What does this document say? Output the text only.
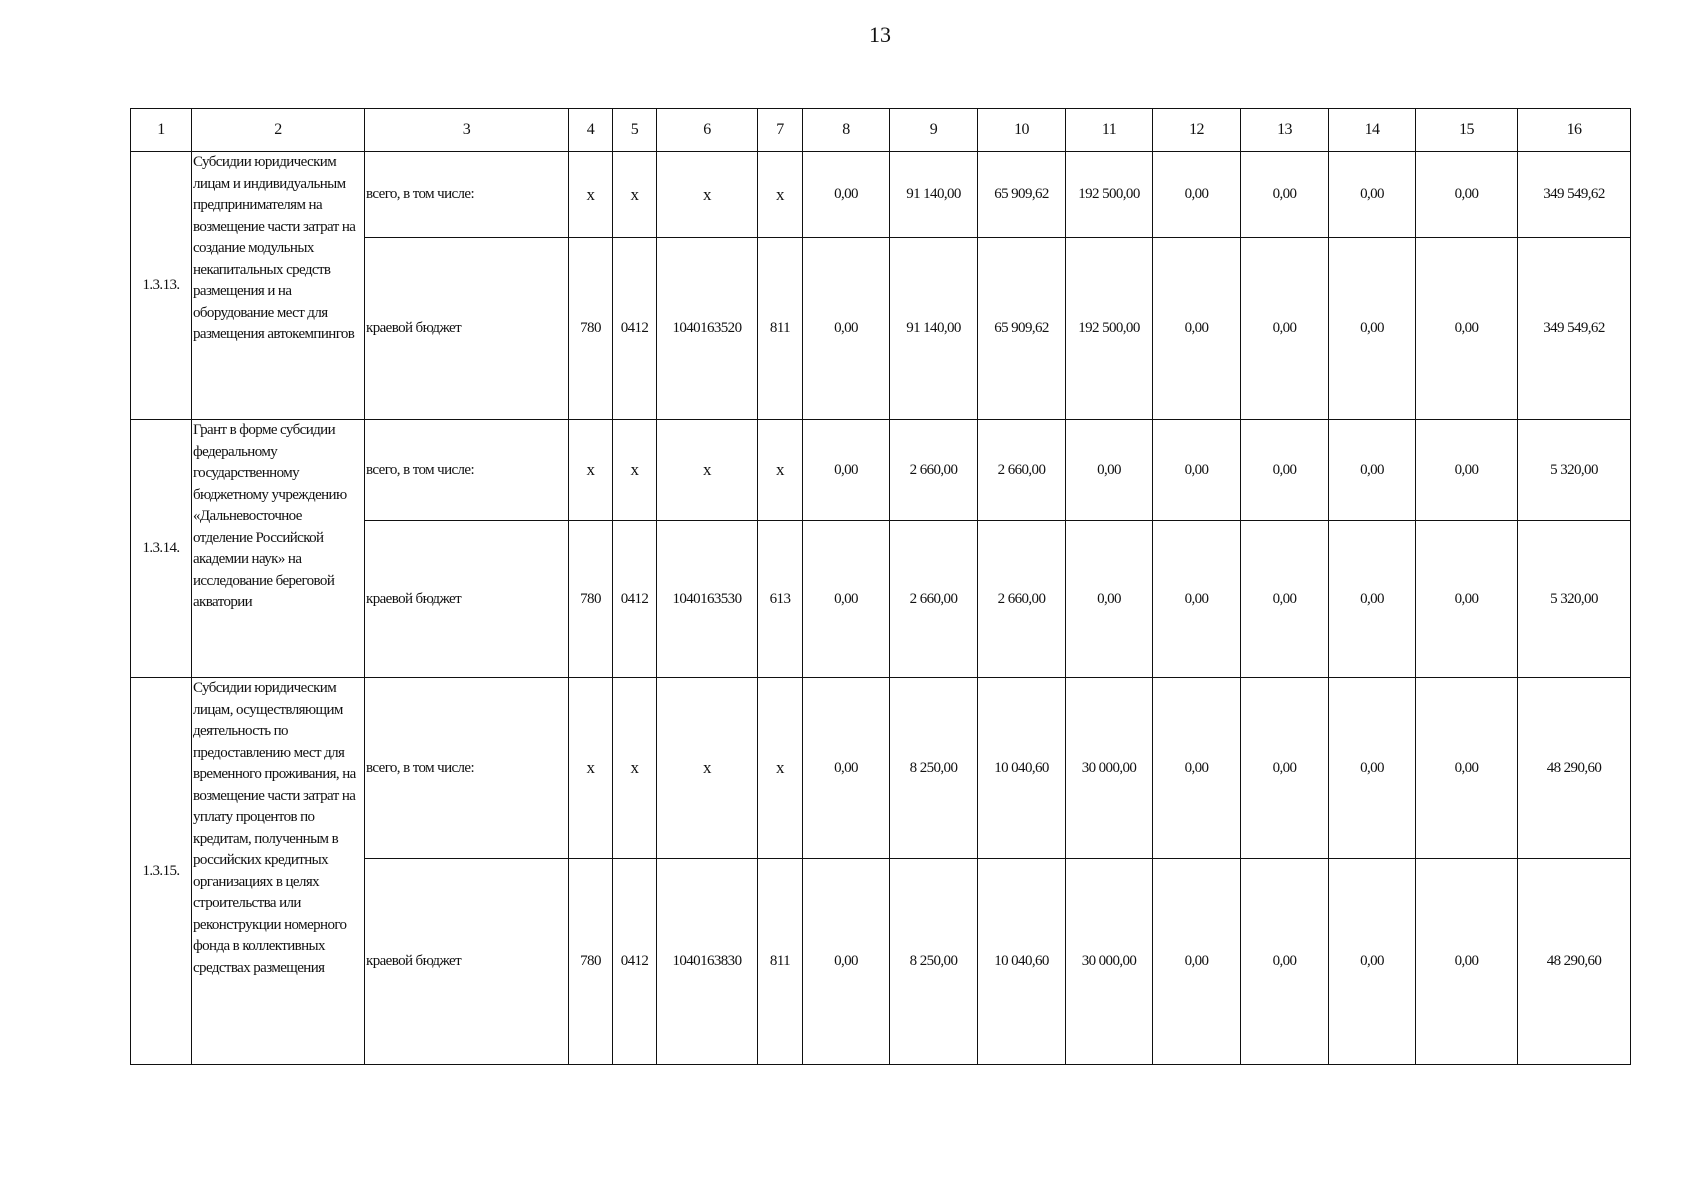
13
1	2	3	4	5	6	7	8	9	10	11	12	13	14	15	16
1.3.13.	Субсидии юридическим лицам и индивидуальным предпринимателям на возмещение части затрат на создание модульных некапитальных средств размещения и на оборудование мест для размещения автокемпингов	всего, в том числе:	х	х	х	х	0,00	91 140,00	65 909,62	192 500,00	0,00	0,00	0,00	0,00	349 549,62
		краевой бюджет	780	0412	1040163520	811	0,00	91 140,00	65 909,62	192 500,00	0,00	0,00	0,00	0,00	349 549,62
1.3.14.	Грант в форме субсидии федеральному государственному бюджетному учреждению «Дальневосточное отделение Российской академии наук» на исследование береговой акватории	всего, в том числе:	х	х	х	х	0,00	2 660,00	2 660,00	0,00	0,00	0,00	0,00	0,00	5 320,00
		краевой бюджет	780	0412	1040163530	613	0,00	2 660,00	2 660,00	0,00	0,00	0,00	0,00	0,00	5 320,00
1.3.15.	Субсидии юридическим лицам, осуществляющим деятельность по предоставлению мест для временного проживания, на возмещение части затрат на уплату процентов по кредитам, полученным в российских кредитных организациях в целях строительства или реконструкции номерного фонда в коллективных средствах размещения	всего, в том числе:	х	х	х	х	0,00	8 250,00	10 040,60	30 000,00	0,00	0,00	0,00	0,00	48 290,60
		краевой бюджет	780	0412	1040163830	811	0,00	8 250,00	10 040,60	30 000,00	0,00	0,00	0,00	0,00	48 290,60
